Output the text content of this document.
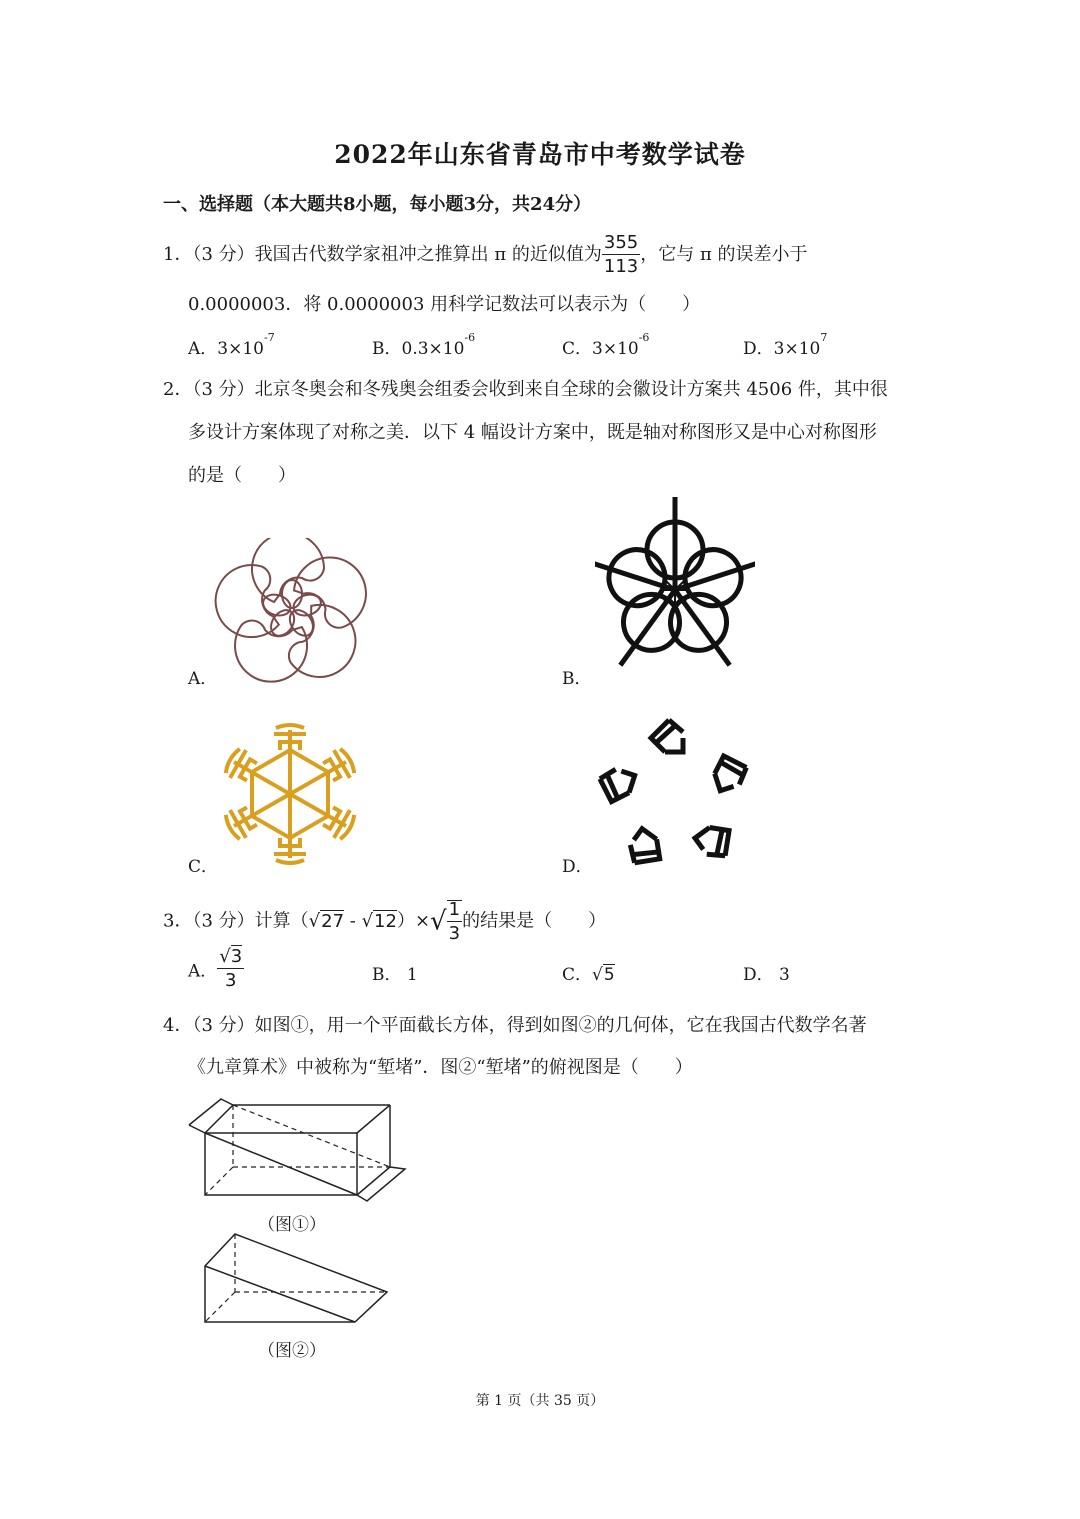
2022年山东省青岛市中考数学试卷
一、选择题（本大题共8小题，每小题3分，共24分）
1．（3 分）我国古代数学家祖冲之推算出 π 的近似值为 $\frac{355}{113}$ ，它与 π 的误差小于
0.0000003．将 0.0000003 用科学记数法可以表示为（　　）
A．$3\times 10^{-7}$
B．$0.3\times 10^{-6}$
C．$3\times 10^{-6}$
D．$3\times 10^7$
2．（3 分）北京冬奥会和冬残奥会组委会收到来自全球的会徽设计方案共 4506 件，其中很
多设计方案体现了对称之美．以下 4 幅设计方案中，既是轴对称图形又是中心对称图形
的是（　　）
A．	B．
C．	D．
3．（3 分）计算$(√27 - √12)\times√ \frac{1}{3}$ 的结果是（　　）
A． $\frac{√3}{3}$	B． 1	C．√5	D． 3
4．（3 分）如图①，用一个平面截长方体，得到如图②的几何体，它在我国古代数学名著
《九章算术》中被称为“堑堵”．图②“堑堵”的俯视图是（　　）
（图①）
（图②）
第 1 页（共 35 页）
